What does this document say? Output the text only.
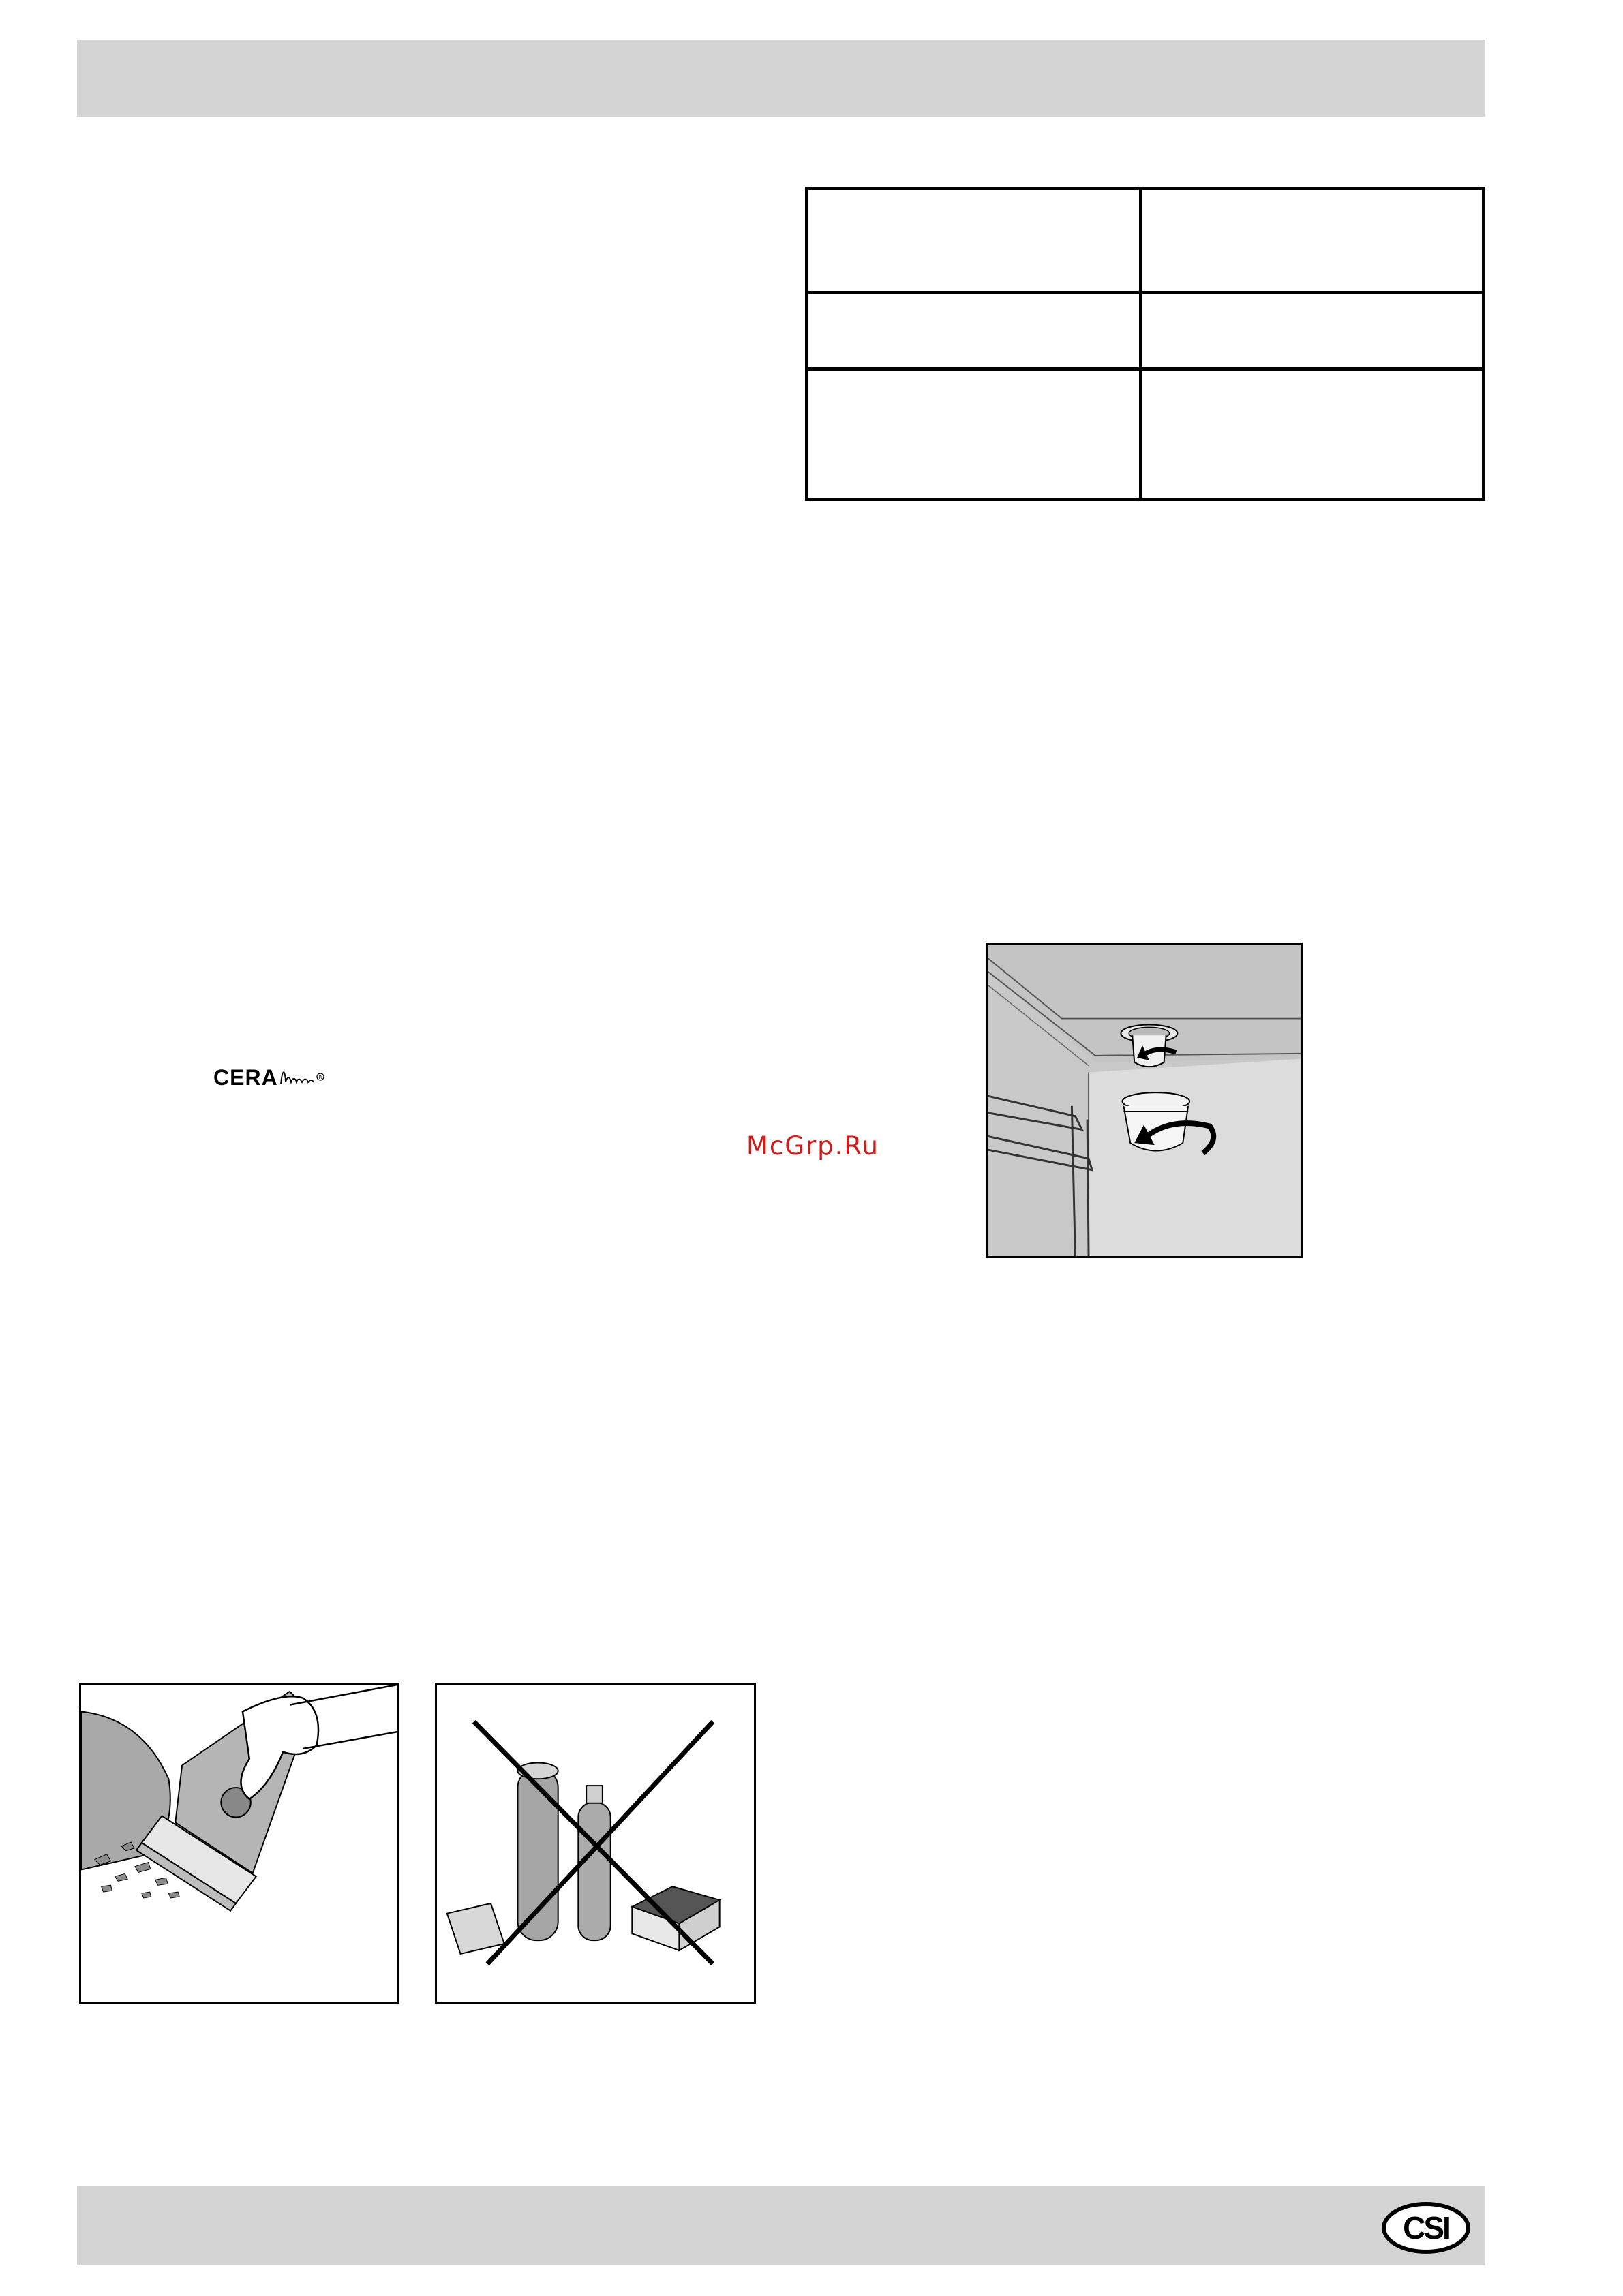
CERA	R
McGrp.Ru
CSI
